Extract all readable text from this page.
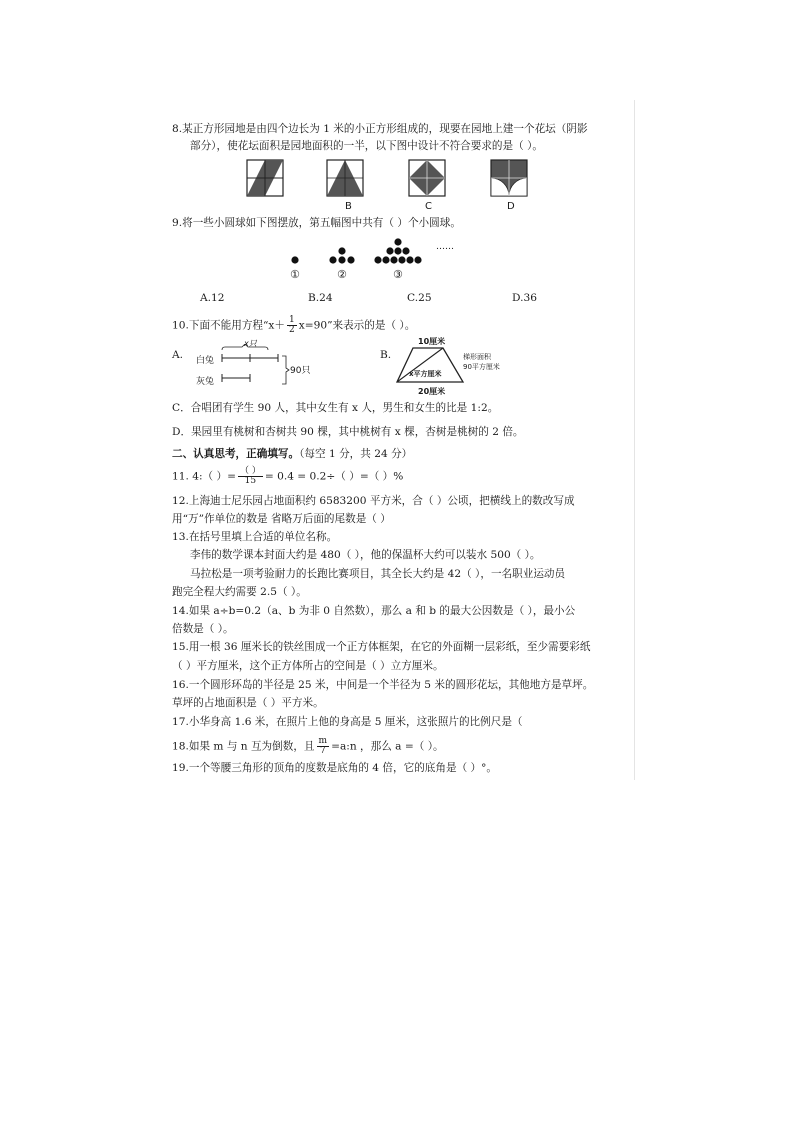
8.某正方形园地是由四个边长为 1 米的小正方形组成的，现要在园地上建一个花坛（阴影
部分），使花坛面积是园地面积的一半，以下图中设计不符合要求的是（ ）。
B	C	D
9.将一些小圆球如下图摆放，第五幅图中共有（ ）个小圆球。
……
①	②	③
A.12	B.24	C.25	D.36
10.下面不能用方程“$x+ \frac{1}{2} x=90$”来表示的是（ ）。
A.
x只
白兔
灰兔
90只
B.
10厘米
x平方厘米
20厘米
梯形面积
90平方厘米
C．合唱团有学生 90 人，其中女生有 x 人，男生和女生的比是 1:2。
D．果园里有桃树和杏树共 90 棵，其中桃树有 x 棵，杏树是桃树的 2 倍。
二、认真思考，正确填写。（每空 1 分，共 24 分）
11. 4:（ ）= $\frac{( )}{15} = 0.4 = 0.2\div$（ ）=（ ）%
12.上海迪士尼乐园占地面积约 6583200 平方米，合（ ）公顷，把横线上的数改写成
用“万”作单位的数是 省略万后面的尾数是（ ）
13.在括号里填上合适的单位名称。
李伟的数学课本封面大约是 480（ ），他的保温杯大约可以装水 500（ ）。
马拉松是一项考验耐力的长跑比赛项目，其全长大约是 42（ ），一名职业运动员
跑完全程大约需要 2.5（ ）。
14.如果 a÷b=0.2（a、b 为非 0 自然数），那么 a 和 b 的最大公因数是（ ），最小公
倍数是（ ）。
15.用一根 36 厘米长的铁丝围成一个正方体框架，在它的外面糊一层彩纸，至少需要彩纸
（ ）平方厘米，这个正方体所占的空间是（ ）立方厘米。
16.一个圆形环岛的半径是 25 米，中间是一个半径为 5 米的圆形花坛，其他地方是草坪。
草坪的占地面积是（ ）平方米。
17.小华身高 1.6 米，在照片上他的身高是 5 厘米，这张照片的比例尺是（
18.如果 m 与 n 互为倒数，且 $\frac{m}{7}$ =a:n ，那么 a =（ ）。
19.一个等腰三角形的顶角的度数是底角的 4 倍，它的底角是（ ）°。
